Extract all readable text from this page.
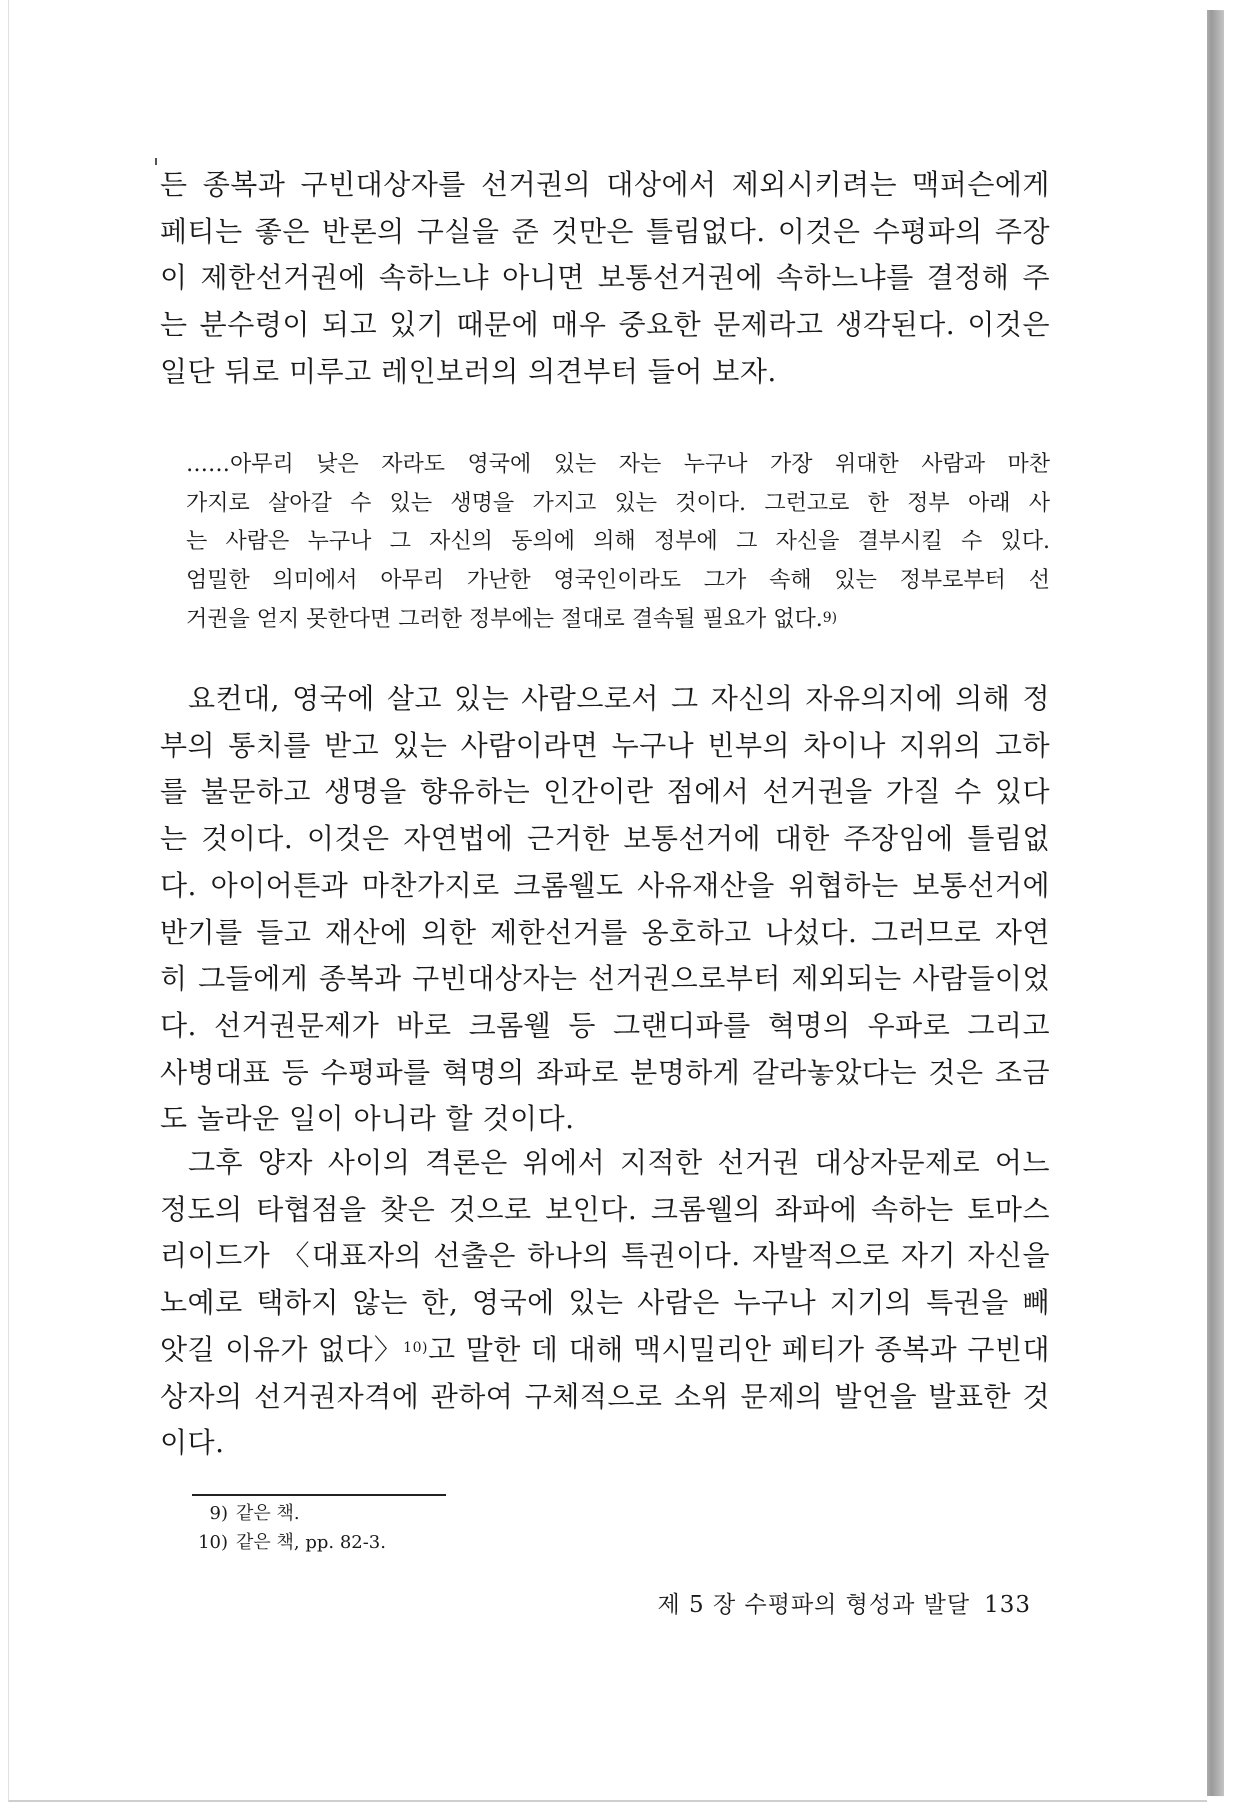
든 종복과 구빈대상자를 선거권의 대상에서 제외시키려는 맥퍼슨에게
페티는 좋은 반론의 구실을 준 것만은 틀림없다. 이것은 수평파의 주장
이 제한선거권에 속하느냐 아니면 보통선거권에 속하느냐를 결정해 주
는 분수령이 되고 있기 때문에 매우 중요한 문제라고 생각된다. 이것은
일단 뒤로 미루고 레인보러의 의견부터 들어 보자.
……아무리 낮은 자라도 영국에 있는 자는 누구나 가장 위대한 사람과 마찬
가지로 살아갈 수 있는 생명을 가지고 있는 것이다. 그런고로 한 정부 아래 사
는 사람은 누구나 그 자신의 동의에 의해 정부에 그 자신을 결부시킬 수 있다.
엄밀한 의미에서 아무리 가난한 영국인이라도 그가 속해 있는 정부로부터 선
거권을 얻지 못한다면 그러한 정부에는 절대로 결속될 필요가 없다.$^{9)}$
요컨대, 영국에 살고 있는 사람으로서 그 자신의 자유의지에 의해 정
부의 통치를 받고 있는 사람이라면 누구나 빈부의 차이나 지위의 고하
를 불문하고 생명을 향유하는 인간이란 점에서 선거권을 가질 수 있다
는 것이다. 이것은 자연법에 근거한 보통선거에 대한 주장임에 틀림없
다. 아이어튼과 마찬가지로 크롬웰도 사유재산을 위협하는 보통선거에
반기를 들고 재산에 의한 제한선거를 옹호하고 나섰다. 그러므로 자연
히 그들에게 종복과 구빈대상자는 선거권으로부터 제외되는 사람들이었
다. 선거권문제가 바로 크롬웰 등 그랜디파를 혁명의 우파로 그리고
사병대표 등 수평파를 혁명의 좌파로 분명하게 갈라놓았다는 것은 조금
도 놀라운 일이 아니라 할 것이다.
그후 양자 사이의 격론은 위에서 지적한 선거권 대상자문제로 어느
정도의 타협점을 찾은 것으로 보인다. 크롬웰의 좌파에 속하는 토마스
리이드가 〈대표자의 선출은 하나의 특권이다. 자발적으로 자기 자신을
노예로 택하지 않는 한, 영국에 있는 사람은 누구나 지기의 특권을 빼
앗길 이유가 없다〉$^{10)}$고 말한 데 대해 맥시밀리안 페티가 종복과 구빈대
상자의 선거권자격에 관하여 구체적으로 소위 문제의 발언을 발표한 것
이다.
9) 같은 책.
10) 같은 책, pp. 82-3.
제 5 장 수평파의 형성과 발달 133
